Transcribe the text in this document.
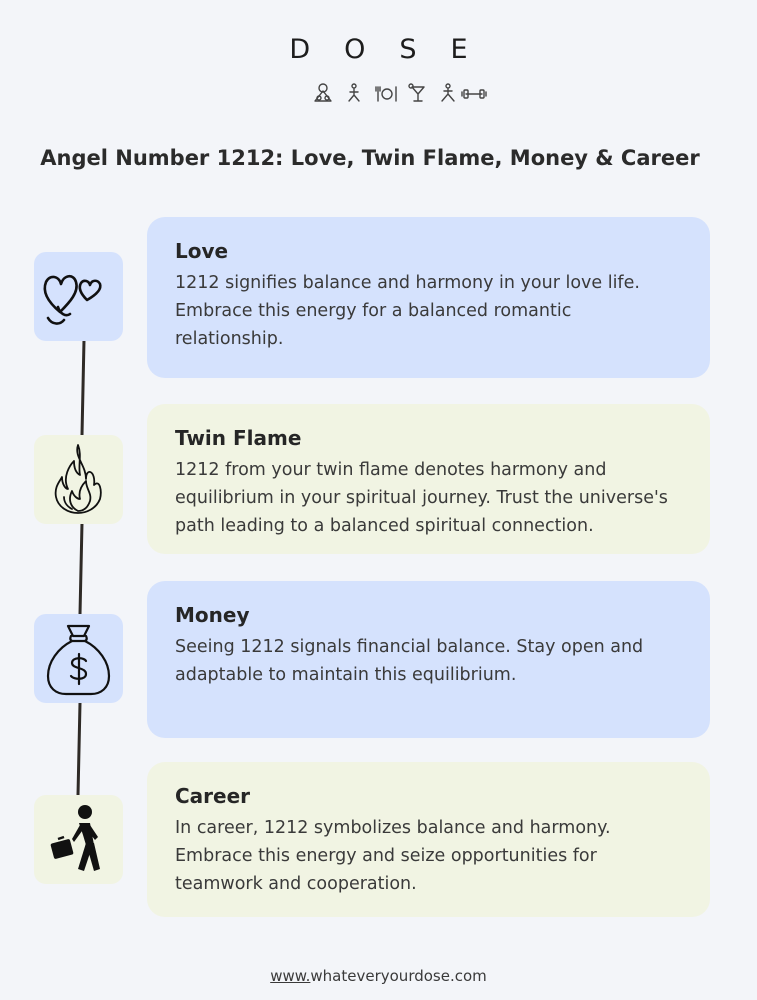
DOSE
Angel Number 1212: Love, Twin Flame, Money & Career
Love

1212 signifies balance and harmony in your love life. Embrace this energy for a balanced romantic relationship.

Twin Flame

1212 from your twin flame denotes harmony and equilibrium in your spiritual journey. Trust the universe's path leading to a balanced spiritual connection.

Money

Seeing 1212 signals financial balance. Stay open and adaptable to maintain this equilibrium.

Career

In career, 1212 symbolizes balance and harmony. Embrace this energy and seize opportunities for teamwork and cooperation.

www.whateveryourdose.com
